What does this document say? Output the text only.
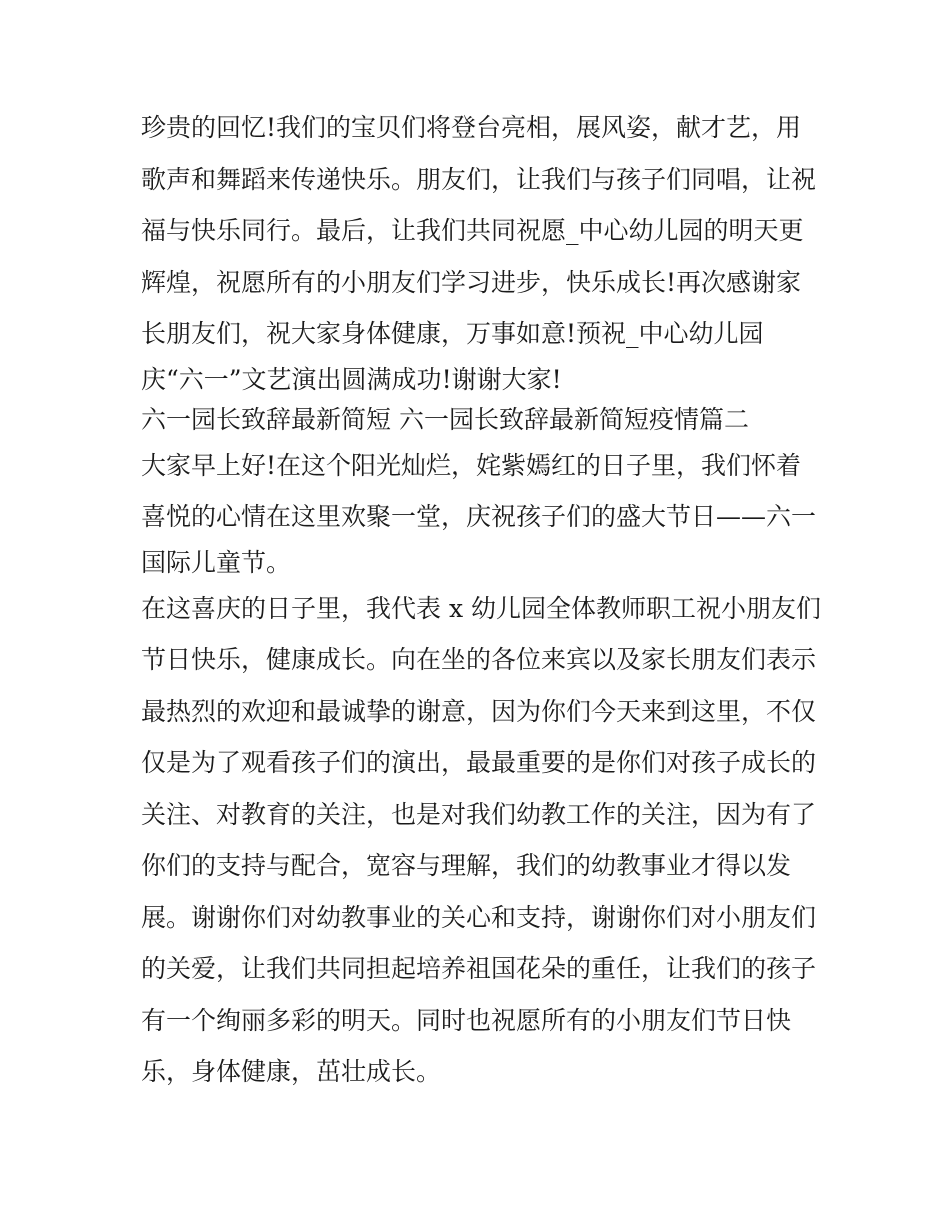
珍贵的回忆!我们的宝贝们将登台亮相，展风姿，献才艺，用
歌声和舞蹈来传递快乐。朋友们，让我们与孩子们同唱，让祝
福与快乐同行。最后，让我们共同祝愿_中心幼儿园的明天更
辉煌，祝愿所有的小朋友们学习进步，快乐成长!再次感谢家
长朋友们，祝大家身体健康，万事如意!预祝_中心幼儿园
庆“六一”文艺演出圆满成功!谢谢大家!
六一园长致辞最新简短 六一园长致辞最新简短疫情篇二
大家早上好!在这个阳光灿烂，姹紫嫣红的日子里，我们怀着
喜悦的心情在这里欢聚一堂，庆祝孩子们的盛大节日——六一
国际儿童节。
在这喜庆的日子里，我代表 x 幼儿园全体教师职工祝小朋友们
节日快乐，健康成长。向在坐的各位来宾以及家长朋友们表示
最热烈的欢迎和最诚挚的谢意，因为你们今天来到这里，不仅
仅是为了观看孩子们的演出，最最重要的是你们对孩子成长的
关注、对教育的关注，也是对我们幼教工作的关注，因为有了
你们的支持与配合，宽容与理解，我们的幼教事业才得以发
展。谢谢你们对幼教事业的关心和支持，谢谢你们对小朋友们
的关爱，让我们共同担起培养祖国花朵的重任，让我们的孩子
有一个绚丽多彩的明天。同时也祝愿所有的小朋友们节日快
乐，身体健康，茁壮成长。
